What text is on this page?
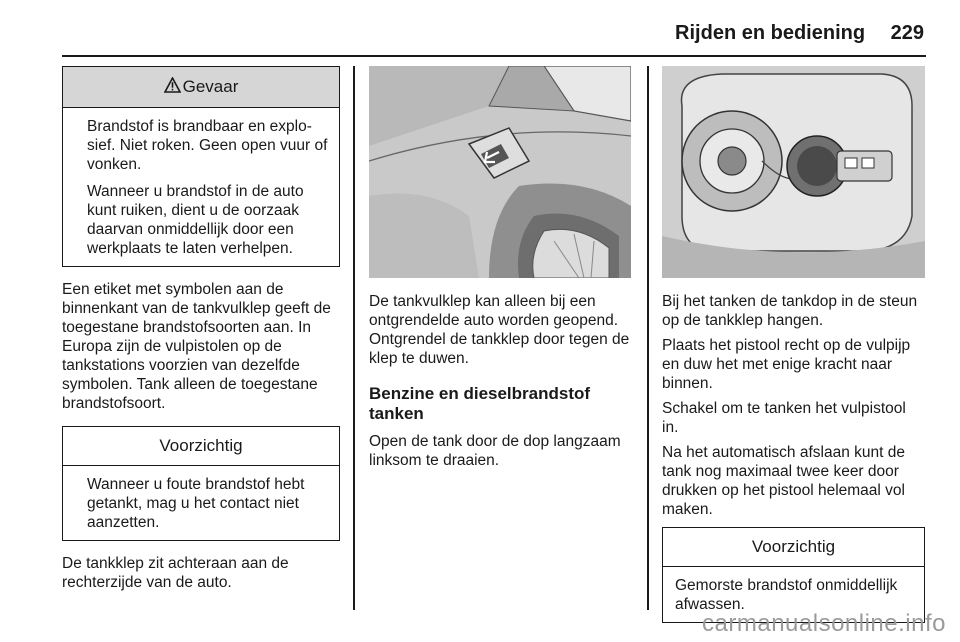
Rijden en bediening 229
Gevaar

Brandstof is brandbaar en explosief. Niet roken. Geen open vuur of vonken.

Wanneer u brandstof in de auto kunt ruiken, dient u de oorzaak daarvan onmiddellijk door een werkplaats te laten verhelpen.

Een etiket met symbolen aan de binnenkant van de tankvulklep geeft de toegestane brandstofsoorten aan. In Europa zijn de vulpistolen op de tankstations voorzien van dezelfde symbolen. Tank alleen de toegestane brandstofsoort.

Voorzichtig

Wanneer u foute brandstof hebt getankt, mag u het contact niet aanzetten.

De tankklep zit achteraan aan de rechterzijde van de auto.

De tankvulklep kan alleen bij een ontgrendelde auto worden geopend. Ontgrendel de tankklep door tegen de klep te duwen.

Benzine en dieselbrandstof tanken

Open de tank door de dop langzaam linksom te draaien.

Bij het tanken de tankdop in de steun op de tankklep hangen.

Plaats het pistool recht op de vulpijp en duw het met enige kracht naar binnen.

Schakel om te tanken het vulpistool in.

Na het automatisch afslaan kunt de tank nog maximaal twee keer door drukken op het pistool helemaal vol maken.

Voorzichtig

Gemorste brandstof onmiddellijk afwassen.

carmanualsonline.info
